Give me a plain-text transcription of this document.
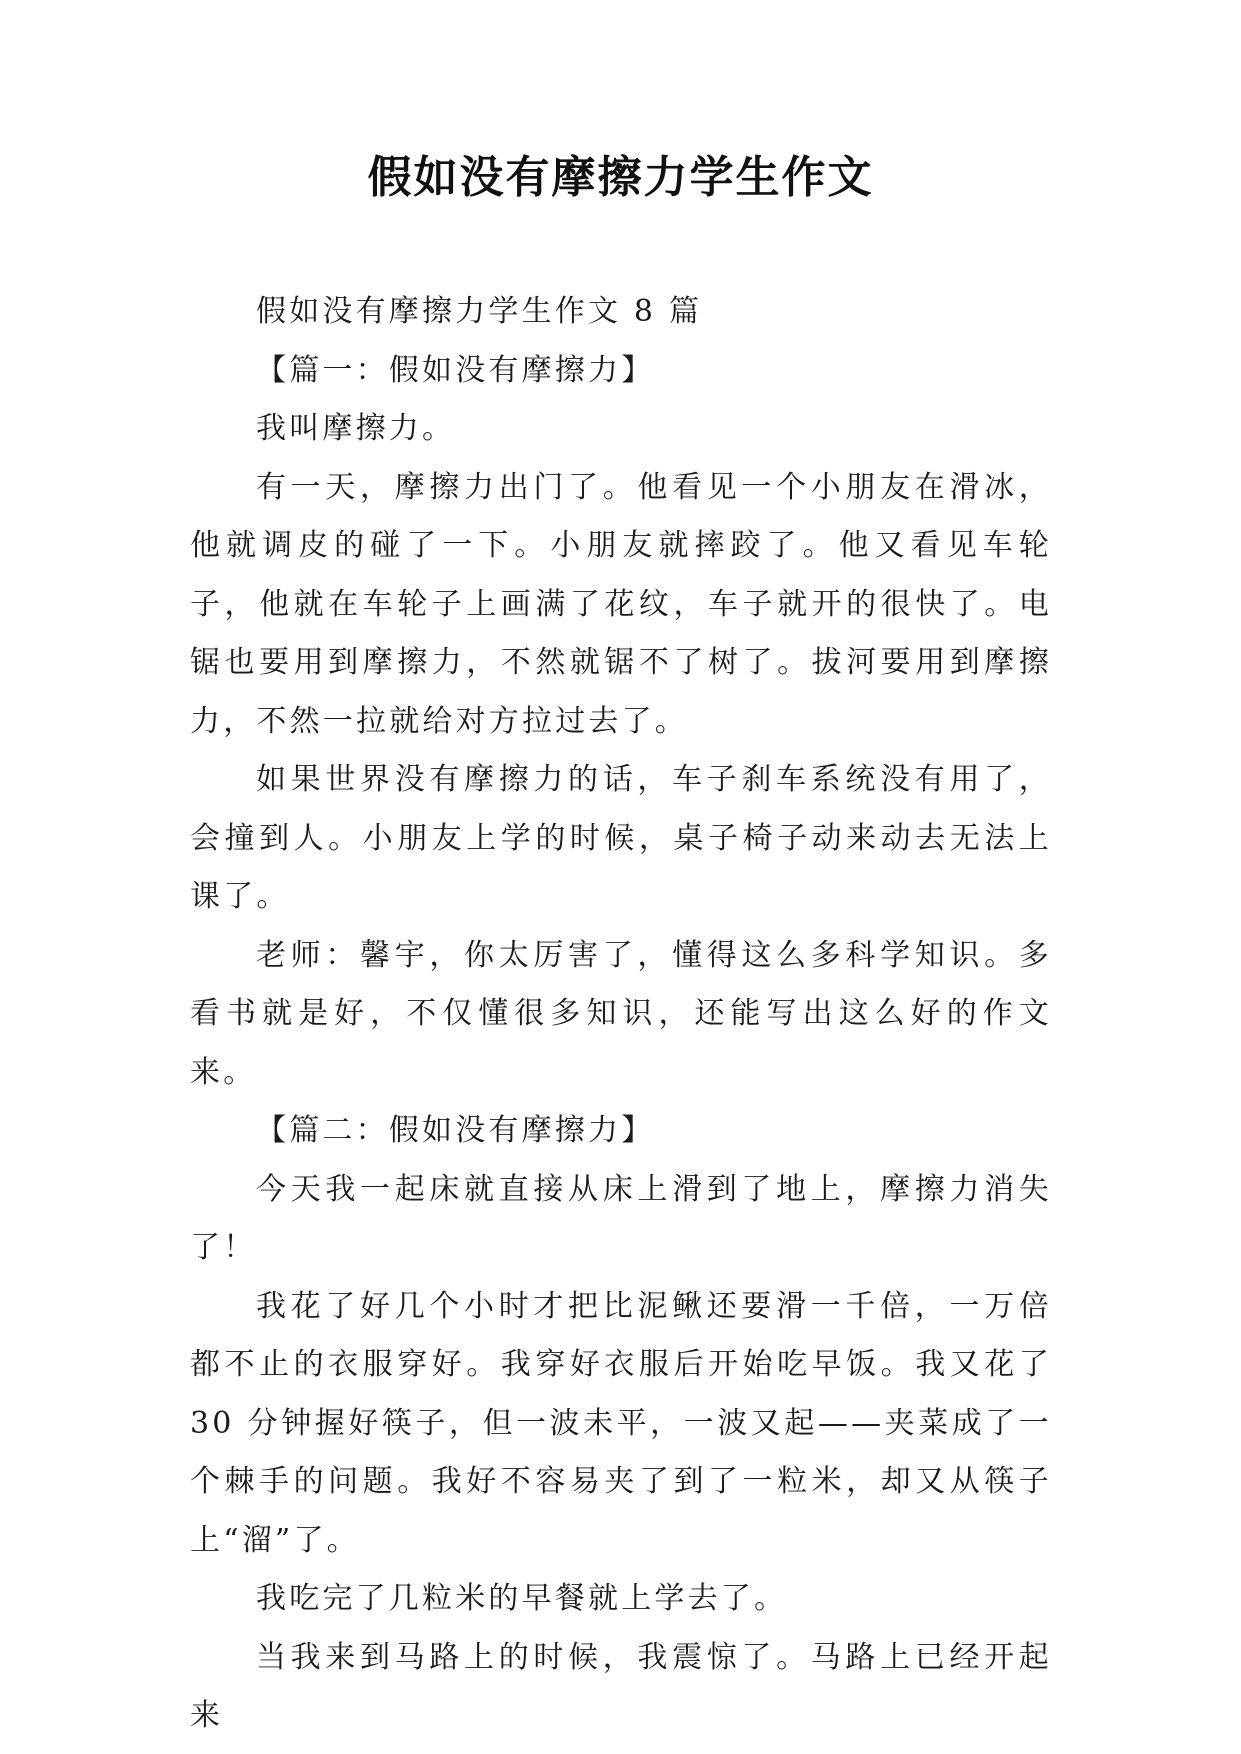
假如没有摩擦力学生作文

假如没有摩擦力学生作文 8 篇

【篇一：假如没有摩擦力】

我叫摩擦力。

有一天，摩擦力出门了。他看见一个小朋友在滑冰，他就调皮的碰了一下。小朋友就摔跤了。他又看见车轮子，他就在车轮子上画满了花纹，车子就开的很快了。电锯也要用到摩擦力，不然就锯不了树了。拔河要用到摩擦力，不然一拉就给对方拉过去了。

如果世界没有摩擦力的话，车子刹车系统没有用了，会撞到人。小朋友上学的时候，桌子椅子动来动去无法上课了。

老师：馨宇，你太厉害了，懂得这么多科学知识。多看书就是好，不仅懂很多知识，还能写出这么好的作文来。

【篇二：假如没有摩擦力】

今天我一起床就直接从床上滑到了地上，摩擦力消失了！

我花了好几个小时才把比泥鳅还要滑一千倍，一万倍都不止的衣服穿好。我穿好衣服后开始吃早饭。我又花了 30 分钟握好筷子，但一波未平，一波又起——夹菜成了一个棘手的问题。我好不容易夹了到了一粒米，却又从筷子上“溜”了。

我吃完了几粒米的早餐就上学去了。

当我来到马路上的时候，我震惊了。马路上已经开起来
